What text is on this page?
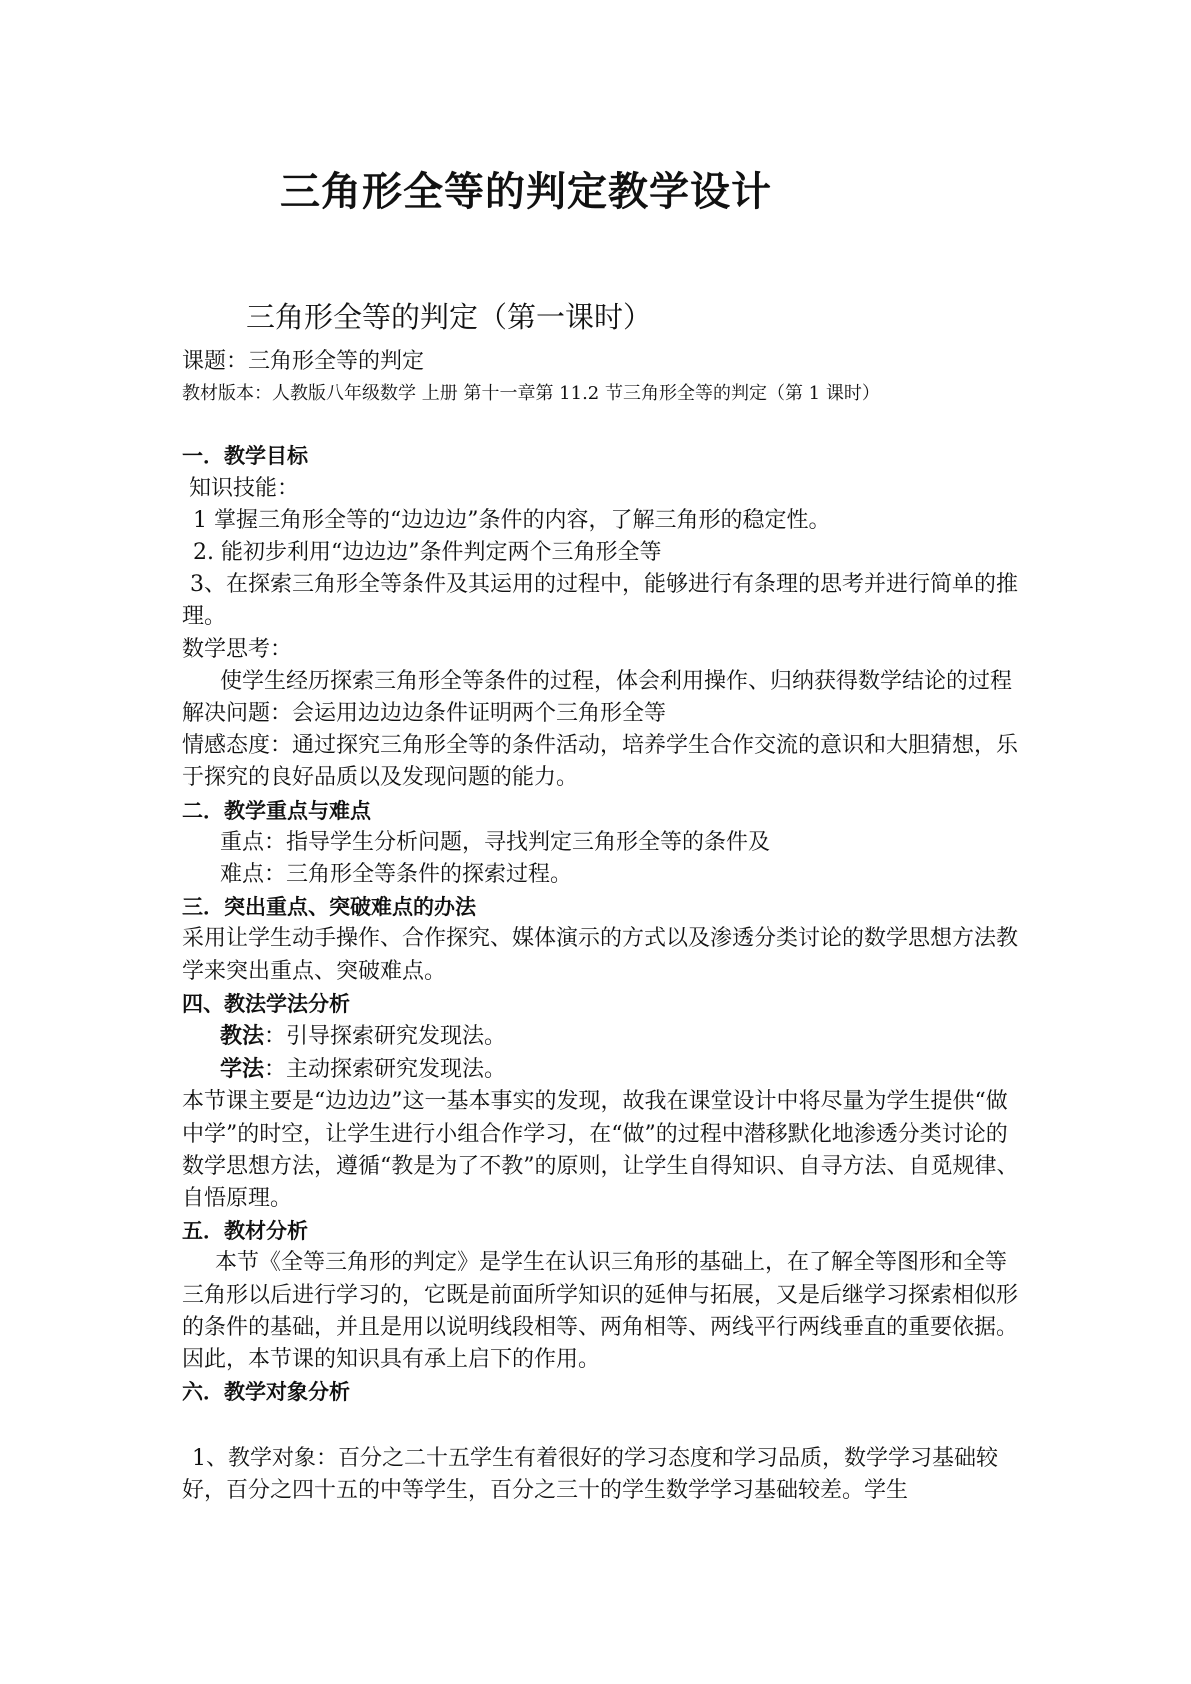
三角形全等的判定教学设计
三角形全等的判定（第一课时）
课题：三角形全等的判定
教材版本：人教版八年级数学 上册 第十一章第 11.2 节三角形全等的判定（第 1 课时）
一．教学目标
知识技能：
1 掌握三角形全等的“边边边”条件的内容，了解三角形的稳定性。
2. 能初步利用“边边边”条件判定两个三角形全等
3、在探索三角形全等条件及其运用的过程中，能够进行有条理的思考并进行简单的推理。
数学思考：
使学生经历探索三角形全等条件的过程，体会利用操作、归纳获得数学结论的过程
解决问题：会运用边边边条件证明两个三角形全等
情感态度：通过探究三角形全等的条件活动，培养学生合作交流的意识和大胆猜想，乐于探究的良好品质以及发现问题的能力。
二．教学重点与难点
重点：指导学生分析问题，寻找判定三角形全等的条件及
难点：三角形全等条件的探索过程。
三．突出重点、突破难点的办法
采用让学生动手操作、合作探究、媒体演示的方式以及渗透分类讨论的数学思想方法教学来突出重点、突破难点。
四、教法学法分析
教法：引导探索研究发现法。
学法：主动探索研究发现法。
本节课主要是“边边边”这一基本事实的发现，故我在课堂设计中将尽量为学生提供“做中学”的时空，让学生进行小组合作学习，在“做”的过程中潜移默化地渗透分类讨论的数学思想方法，遵循“教是为了不教”的原则，让学生自得知识、自寻方法、自觅规律、自悟原理。
五．教材分析
本节《全等三角形的判定》是学生在认识三角形的基础上，在了解全等图形和全等三角形以后进行学习的，它既是前面所学知识的延伸与拓展，又是后继学习探索相似形的条件的基础，并且是用以说明线段相等、两角相等、两线平行两线垂直的重要依据。因此，本节课的知识具有承上启下的作用。
六．教学对象分析
1、教学对象：百分之二十五学生有着很好的学习态度和学习品质，数学学习基础较好，百分之四十五的中等学生，百分之三十的学生数学学习基础较差。学生
